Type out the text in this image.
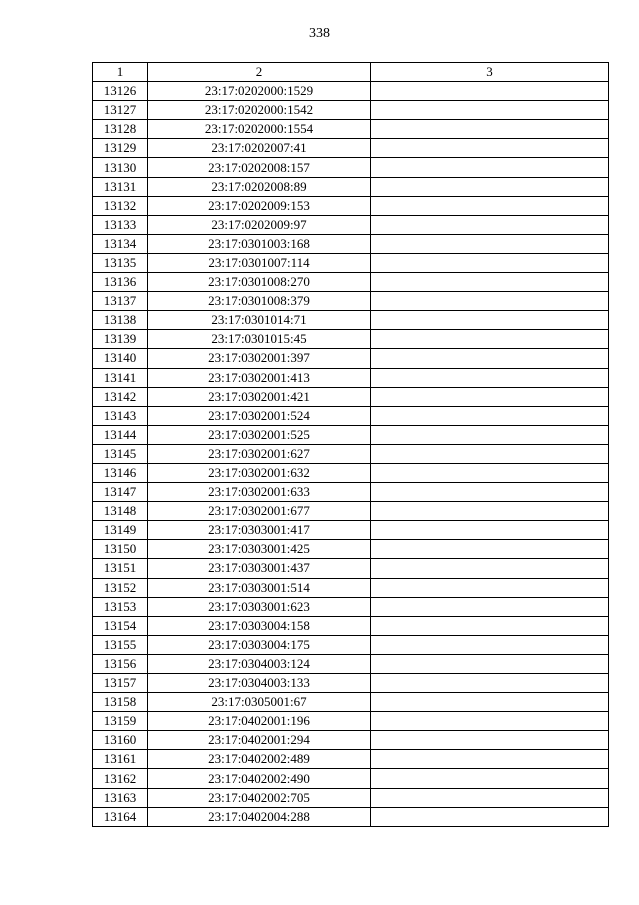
338
1	2	3
13126	23:17:0202000:1529	
13127	23:17:0202000:1542	
13128	23:17:0202000:1554	
13129	23:17:0202007:41	
13130	23:17:0202008:157	
13131	23:17:0202008:89	
13132	23:17:0202009:153	
13133	23:17:0202009:97	
13134	23:17:0301003:168	
13135	23:17:0301007:114	
13136	23:17:0301008:270	
13137	23:17:0301008:379	
13138	23:17:0301014:71	
13139	23:17:0301015:45	
13140	23:17:0302001:397	
13141	23:17:0302001:413	
13142	23:17:0302001:421	
13143	23:17:0302001:524	
13144	23:17:0302001:525	
13145	23:17:0302001:627	
13146	23:17:0302001:632	
13147	23:17:0302001:633	
13148	23:17:0302001:677	
13149	23:17:0303001:417	
13150	23:17:0303001:425	
13151	23:17:0303001:437	
13152	23:17:0303001:514	
13153	23:17:0303001:623	
13154	23:17:0303004:158	
13155	23:17:0303004:175	
13156	23:17:0304003:124	
13157	23:17:0304003:133	
13158	23:17:0305001:67	
13159	23:17:0402001:196	
13160	23:17:0402001:294	
13161	23:17:0402002:489	
13162	23:17:0402002:490	
13163	23:17:0402002:705	
13164	23:17:0402004:288	
